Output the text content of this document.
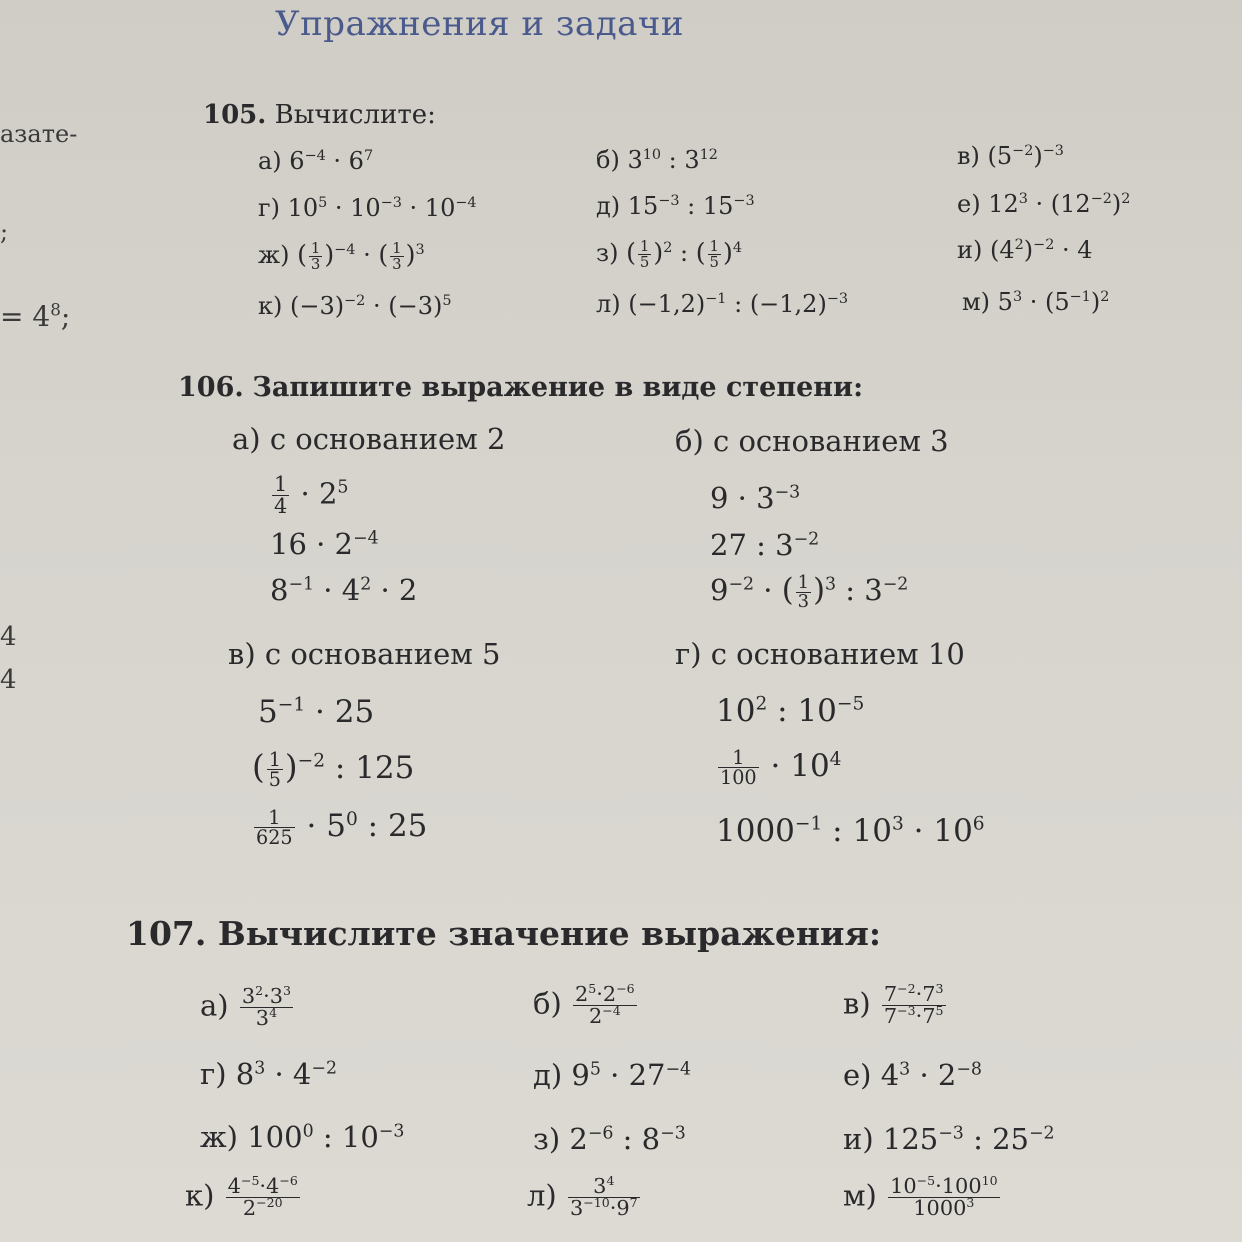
Упражнения и задачи
азате-
;
= $4^8$;
4
4
105. Вычислите:
а) $6^{-4} \cdot 6^7$	б) $3^{10}$ : $3^{12}$	в) $(5^{-2})^{-3}$
г) $10^5 \cdot 10^{-3} \cdot 10^{-4}$	д) $15^{-3}$ : $15^{-3}$	е) $12^3 \cdot (12^{-2})^2$
ж) ( $\frac{1}{3} )^{-4}$ · ( $\frac{1}{3} )^3$	з) ( $\frac{1}{5} )^2$ : ( $\frac{1}{5} )^4$	и) $(4^2)^{-2} \cdot 4$
к) $(-3)^{-2} \cdot (-3)^5$	л) $(-1,2)^{-1}$ : $(-1,2)^{-3}$	м) $5^3 \cdot (5^{-1})^2$
106. Запишите выражение в виде степени:
а) с основанием 2	б) с основанием 3
$\frac{1}{4} \cdot 2^5$
$16 \cdot 2^{-4}$
$8^{-1} \cdot 4^2 \cdot 2$
$9 \cdot 3^{-3}$
27 : $3^{-2}$
$9^{-2}$ · ( $\frac{1}{3} )^3$ : $3^{-2}$
в) с основанием 5	г) с основанием 10
$5^{-1} \cdot 25$
( $\frac{1}{5} )^{-2}$ : 125
$\frac{1}{625} \cdot 5^0$ : 25
$10^2$ : $10^{-5}$
$\frac{1}{100} \cdot 10^4$
$1000^{-1}$ : $10^3 \cdot 10^6$
107. Вычислите значение выражения:
$а) \frac{3^2\cdot 3^3}{3^4}$	$б) \frac{2^5\cdot 2^{-6}}{2^{-4}}$	$в) \frac{7^{-2}\cdot 7^3}{7^{-3}\cdot 7^5}$
г) $8^3 \cdot 4^{-2}$	д) $9^5 \cdot 27^{-4}$	е) $4^3 \cdot 2^{-8}$
ж) $100^0$ : $10^{-3}$	з) $2^{-6}$ : $8^{-3}$	и) $125^{-3}$ : $25^{-2}$
$к) \frac{4^{-5}\cdot 4^{-6}}{2^{-20}}$	$л) \frac{3^4}{3^{-10}\cdot 9^7}$	$м) \frac{10^{-5}\cdot 100^{10}}{1000^3}$
